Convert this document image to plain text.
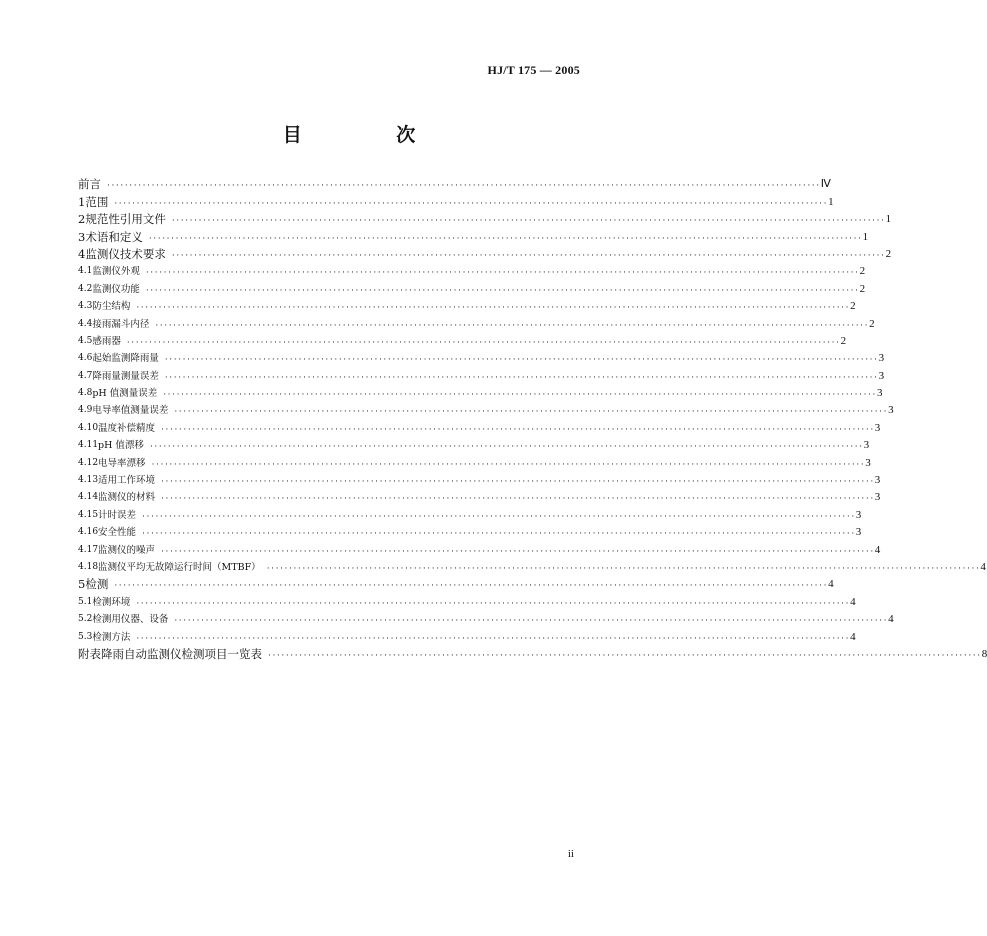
HJ/T 175 — 2005
目 次
前言 ································································································································································ Ⅳ
1 范围 ································································································································································ 1
2 规范性引用文件 ································································································································································ 1
3 术语和定义 ································································································································································ 1
4 监测仪技术要求 ································································································································································ 2
4.1 监测仪外观 ································································································································································ 2
4.2 监测仪功能 ································································································································································ 2
4.3 防尘结构 ································································································································································ 2
4.4 接雨漏斗内径 ································································································································································ 2
4.5 感雨器 ································································································································································ 2
4.6 起始监测降雨量 ································································································································································ 3
4.7 降雨量测量误差 ································································································································································ 3
4.8 pH 值测量误差 ································································································································································ 3
4.9 电导率值测量误差 ································································································································································ 3
4.10 温度补偿精度 ································································································································································ 3
4.11 pH 值漂移 ································································································································································ 3
4.12 电导率漂移 ································································································································································ 3
4.13 适用工作环境 ································································································································································ 3
4.14 监测仪的材料 ································································································································································ 3
4.15 计时误差 ································································································································································ 3
4.16 安全性能 ································································································································································ 3
4.17 监测仪的噪声 ································································································································································ 4
4.18 监测仪平均无故障运行时间（MTBF） ································································································································································ 4
5 检测 ································································································································································ 4
5.1 检测环境 ································································································································································ 4
5.2 检测用仪器、设备 ································································································································································ 4
5.3 检测方法 ································································································································································ 4
附表 降雨自动监测仪检测项目一览表 ································································································································································ 8
ii
